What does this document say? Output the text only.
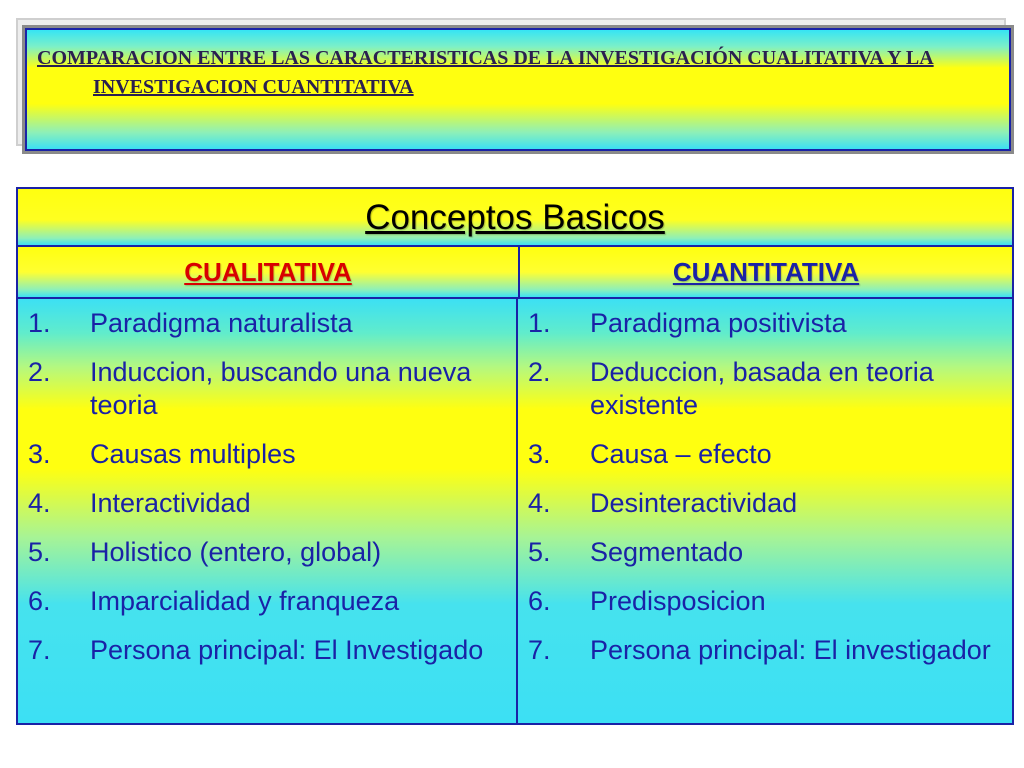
COMPARACION ENTRE LAS CARACTERISTICAS DE LA INVESTIGACIÓN CUALITATIVA Y LA INVESTIGACION CUANTITATIVA

Conceptos Basicos
CUALITATIVA	CUANTITATIVA
1.	Paradigma naturalista
2.	Induccion, buscando una nueva teoria
3.	Causas multiples
4.	Interactividad
5.	Holistico (entero, global)
6.	Imparcialidad y franqueza
7.	Persona principal: El Investigado
1.	Paradigma positivista
2.	Deduccion, basada en teoria existente
3.	Causa – efecto
4.	Desinteractividad
5.	Segmentado
6.	Predisposicion
7.	Persona principal: El investigador
